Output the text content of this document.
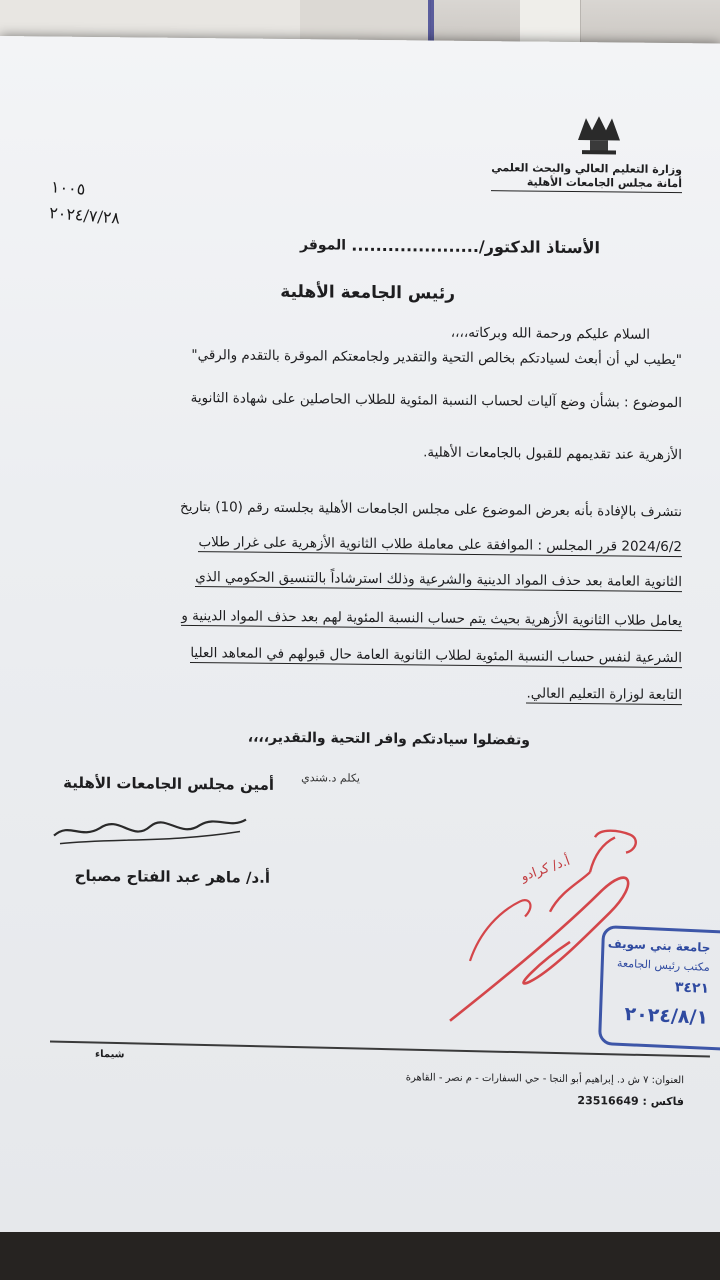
وزارة التعليم العالي والبحث العلمي
أمانة مجلس الجامعات الأهلية
١٠٠٥
٢٠٢٤/٧/٢٨
الأستاذ الدكتور/.....................
الموقر
رئيس الجامعة الأهلية
السلام عليكم ورحمة الله وبركاته،،،،
"يطيب لي أن أبعث لسيادتكم بخالص التحية والتقدير ولجامعتكم الموقرة بالتقدم والرقي"
الموضوع : بشأن وضع آليات لحساب النسبة المئوية للطلاب الحاصلين على شهادة الثانوية
الأزهرية عند تقديمهم للقبول بالجامعات الأهلية.
نتشرف بالإفادة بأنه بعرض الموضوع على مجلس الجامعات الأهلية بجلسته رقم (10) بتاريخ
2024/6/2 قرر المجلس : الموافقة على معاملة طلاب الثانوية الأزهرية على غرار طلاب
الثانوية العامة بعد حذف المواد الدينية والشرعية وذلك استرشاداً بالتنسيق الحكومي الذي
يعامل طلاب الثانوية الأزهرية بحيث يتم حساب النسبة المئوية لهم بعد حذف المواد الدينية و
الشرعية لنفس حساب النسبة المئوية لطلاب الثانوية العامة حال قبولهم في المعاهد العليا
التابعة لوزارة التعليم العالي.
وتفضلوا سيادتكم وافر التحية والتقدير،،،،
أمين مجلس الجامعات الأهلية	يكلم د.شندي
أ.د/ ماهر عبد الفتاح مصباح	أ.د/ كرادو
جامعة بني سويف
مكتب رئيس الجامعة
٣٤٢١
٢٠٢٤/٨/١
شيماء
العنوان: ٧ ش د. إبراهيم أبو النجا - حي السفارات - م نصر - القاهرة
فاكس : 23516649
